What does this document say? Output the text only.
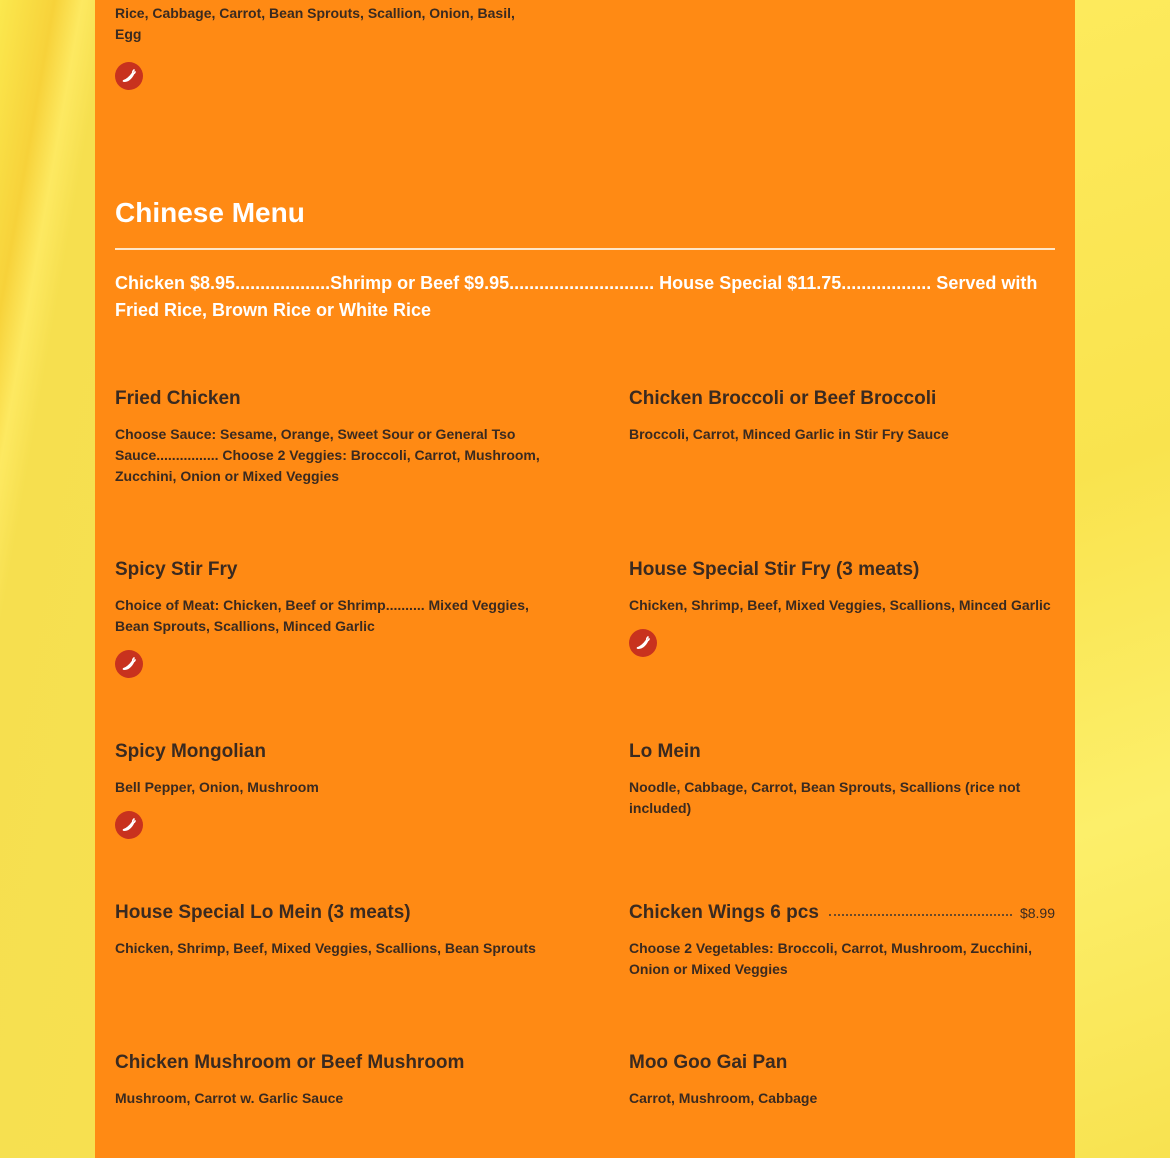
Rice, Cabbage, Carrot, Bean Sprouts, Scallion, Onion, Basil, Egg
Chinese Menu
Chicken $8.95...................Shrimp or Beef $9.95............................. House Special $11.75.................. Served with Fried Rice, Brown Rice or White Rice
Fried Chicken
Choose Sauce: Sesame, Orange, Sweet Sour or General Tso Sauce................ Choose 2 Veggies: Broccoli, Carrot, Mushroom, Zucchini, Onion or Mixed Veggies
Chicken Broccoli or Beef Broccoli
Broccoli, Carrot, Minced Garlic in Stir Fry Sauce
Spicy Stir Fry
Choice of Meat: Chicken, Beef or Shrimp.......... Mixed Veggies, Bean Sprouts, Scallions, Minced Garlic
House Special Stir Fry (3 meats)
Chicken, Shrimp, Beef, Mixed Veggies, Scallions, Minced Garlic
Spicy Mongolian
Bell Pepper, Onion, Mushroom
Lo Mein
Noodle, Cabbage, Carrot, Bean Sprouts, Scallions (rice not included)
House Special Lo Mein (3 meats)
Chicken, Shrimp, Beef, Mixed Veggies, Scallions, Bean Sprouts
Chicken Wings 6 pcs	$8.99
Choose 2 Vegetables: Broccoli, Carrot, Mushroom, Zucchini, Onion or Mixed Veggies
Chicken Mushroom or Beef Mushroom
Mushroom, Carrot w. Garlic Sauce
Moo Goo Gai Pan
Carrot, Mushroom, Cabbage
